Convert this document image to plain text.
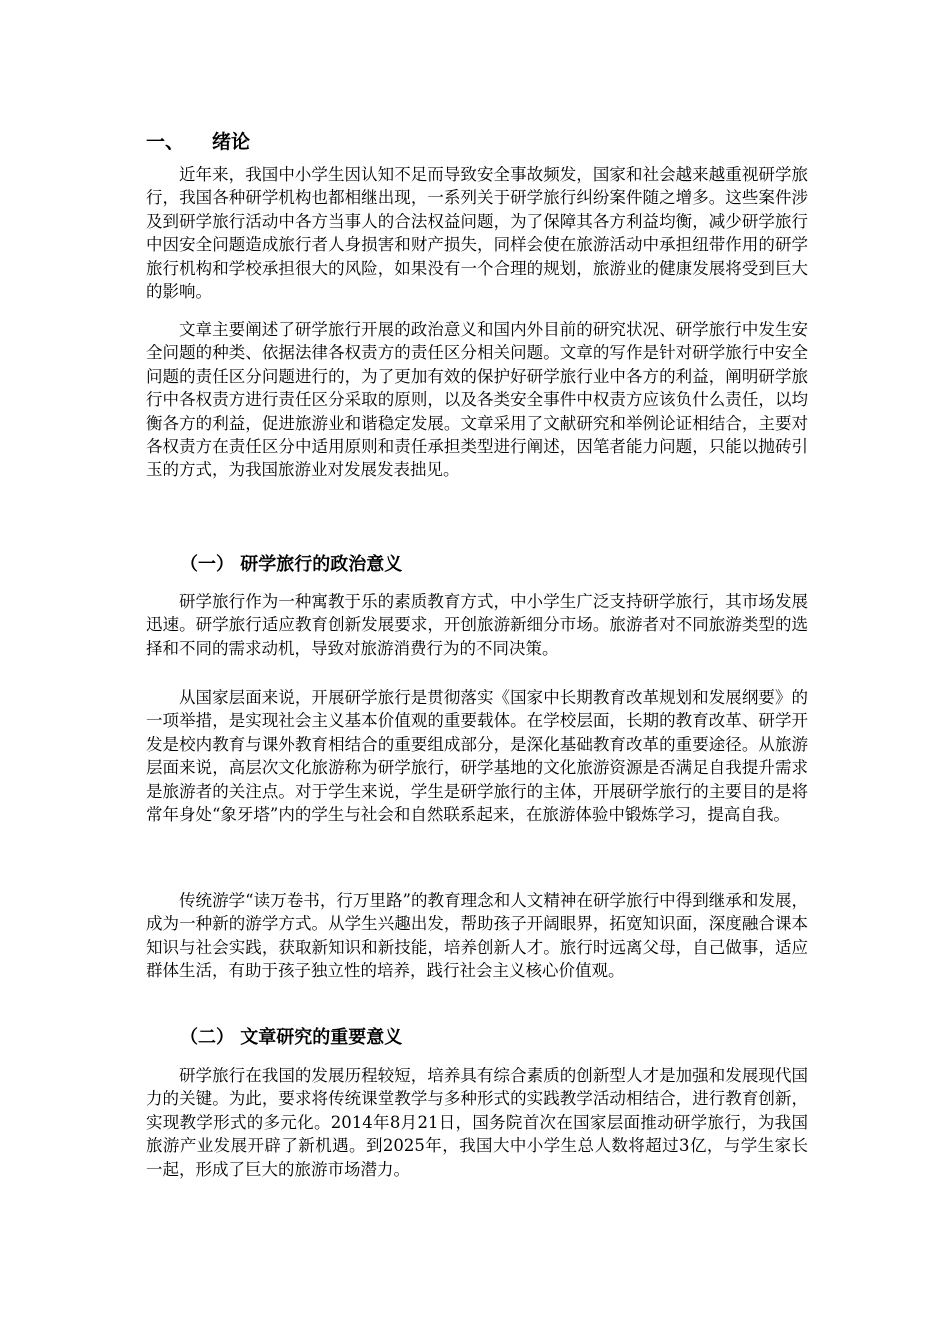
一、 绪论

近年来，我国中小学生因认知不足而导致安全事故频发，国家和社会越来越重视研学旅行，我国各种研学机构也都相继出现，一系列关于研学旅行纠纷案件随之增多。这些案件涉及到研学旅行活动中各方当事人的合法权益问题，为了保障其各方利益均衡，减少研学旅行中因安全问题造成旅行者人身损害和财产损失，同样会使在旅游活动中承担纽带作用的研学旅行机构和学校承担很大的风险，如果没有一个合理的规划，旅游业的健康发展将受到巨大的影响。

文章主要阐述了研学旅行开展的政治意义和国内外目前的研究状况、研学旅行中发生安全问题的种类、依据法律各权责方的责任区分相关问题。文章的写作是针对研学旅行中安全问题的责任区分问题进行的，为了更加有效的保护好研学旅行业中各方的利益，阐明研学旅行中各权责方进行责任区分采取的原则，以及各类安全事件中权责方应该负什么责任，以均衡各方的利益，促进旅游业和谐稳定发展。文章采用了文献研究和举例论证相结合，主要对各权责方在责任区分中适用原则和责任承担类型进行阐述，因笔者能力问题，只能以抛砖引玉的方式，为我国旅游业对发展发表拙见。

（一） 研学旅行的政治意义

研学旅行作为一种寓教于乐的素质教育方式，中小学生广泛支持研学旅行，其市场发展迅速。研学旅行适应教育创新发展要求，开创旅游新细分市场。旅游者对不同旅游类型的选择和不同的需求动机，导致对旅游消费行为的不同决策。

从国家层面来说，开展研学旅行是贯彻落实《国家中长期教育改革规划和发展纲要》的一项举措，是实现社会主义基本价值观的重要载体。在学校层面，长期的教育改革、研学开发是校内教育与课外教育相结合的重要组成部分，是深化基础教育改革的重要途径。从旅游层面来说，高层次文化旅游称为研学旅行，研学基地的文化旅游资源是否满足自我提升需求是旅游者的关注点。对于学生来说，学生是研学旅行的主体，开展研学旅行的主要目的是将常年身处“象牙塔”内的学生与社会和自然联系起来，在旅游体验中锻炼学习，提高自我。

传统游学“读万卷书，行万里路”的教育理念和人文精神在研学旅行中得到继承和发展，成为一种新的游学方式。从学生兴趣出发，帮助孩子开阔眼界，拓宽知识面，深度融合课本知识与社会实践，获取新知识和新技能，培养创新人才。旅行时远离父母，自己做事，适应群体生活，有助于孩子独立性的培养，践行社会主义核心价值观。

（二） 文章研究的重要意义

研学旅行在我国的发展历程较短，培养具有综合素质的创新型人才是加强和发展现代国力的关键。为此，要求将传统课堂教学与多种形式的实践教学活动相结合，进行教育创新，实现教学形式的多元化。2014年8月21日，国务院首次在国家层面推动研学旅行，为我国旅游产业发展开辟了新机遇。到2025年，我国大中小学生总人数将超过3亿，与学生家长一起，形成了巨大的旅游市场潜力。
